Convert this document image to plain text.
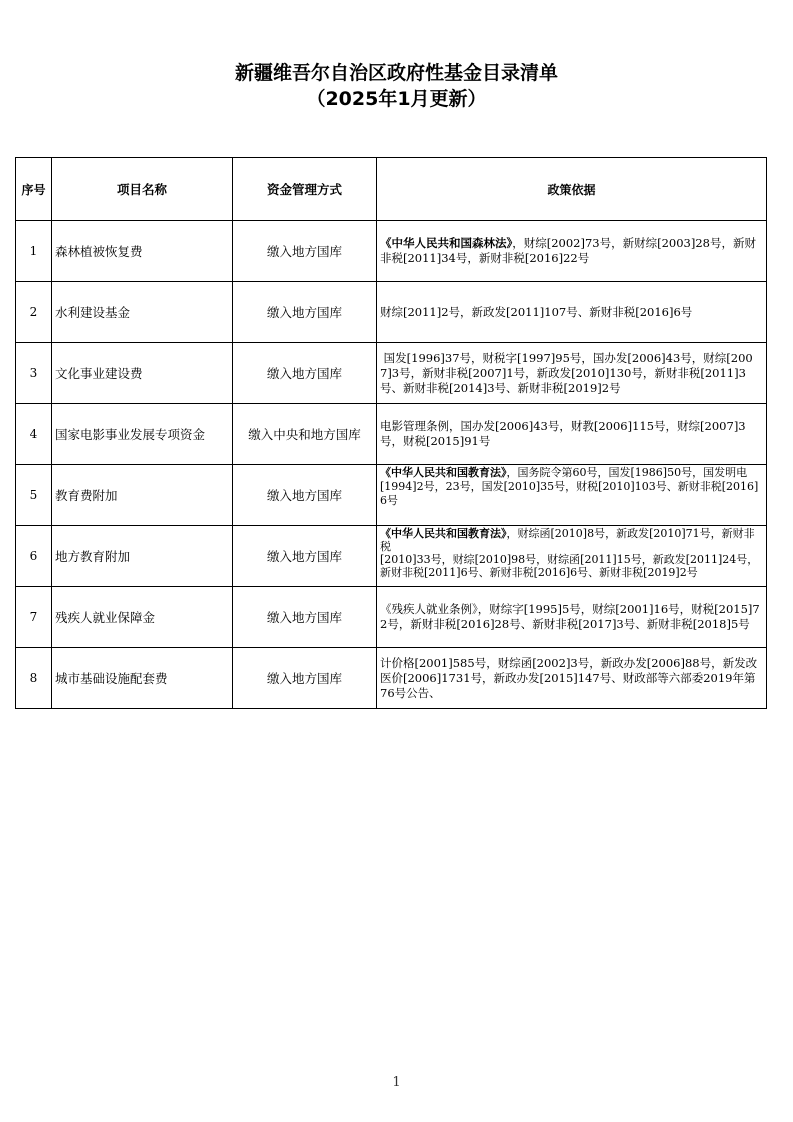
新疆维吾尔自治区政府性基金目录清单
（2025年1月更新）
序号	项目名称	资金管理方式	政策依据
1	森林植被恢复费	缴入地方国库	《中华人民共和国森林法》，财综[2002]73号，新财综[2003]28号，新财非税[2011]34号，新财非税[2016]22号
2	水利建设基金	缴入地方国库	财综[2011]2号，新政发[2011]107号、新财非税[2016]6号
3	文化事业建设费	缴入地方国库	国发[1996]37号，财税字[1997]95号，国办发[2006]43号，财综[2007]3号，新财非税[2007]1号，新政发[2010]130号，新财非税[2011]3号、新财非税[2014]3号、新财非税[2019]2号
4	国家电影事业发展专项资金	缴入中央和地方国库	电影管理条例，国办发[2006]43号，财教[2006]115号，财综[2007]3号，财税[2015]91号
5	教育费附加	缴入地方国库	《中华人民共和国教育法》，国务院令第60号，国发[1986]50号，国发明电
[1994]2号，23号，国发[2010]35号，财税[2010]103号、新财非税[2016]6号

6	地方教育附加	缴入地方国库	《中华人民共和国教育法》，财综函[2010]8号，新政发[2010]71号，新财非税
[2010]33号，财综[2010]98号，财综函[2011]15号，新政发[2011]24号，新财非税[2011]6号、新财非税[2016]6号、新财非税[2019]2号

7	残疾人就业保障金	缴入地方国库	《残疾人就业条例》，财综字[1995]5号，财综[2001]16号，财税[2015]72号，新财非税[2016]28号、新财非税[2017]3号、新财非税[2018]5号
8	城市基础设施配套费	缴入地方国库	计价格[2001]585号，财综函[2002]3号，新政办发[2006]88号，新发改医价[2006]1731号，新政办发[2015]147号、财政部等六部委2019年第76号公告、
1
